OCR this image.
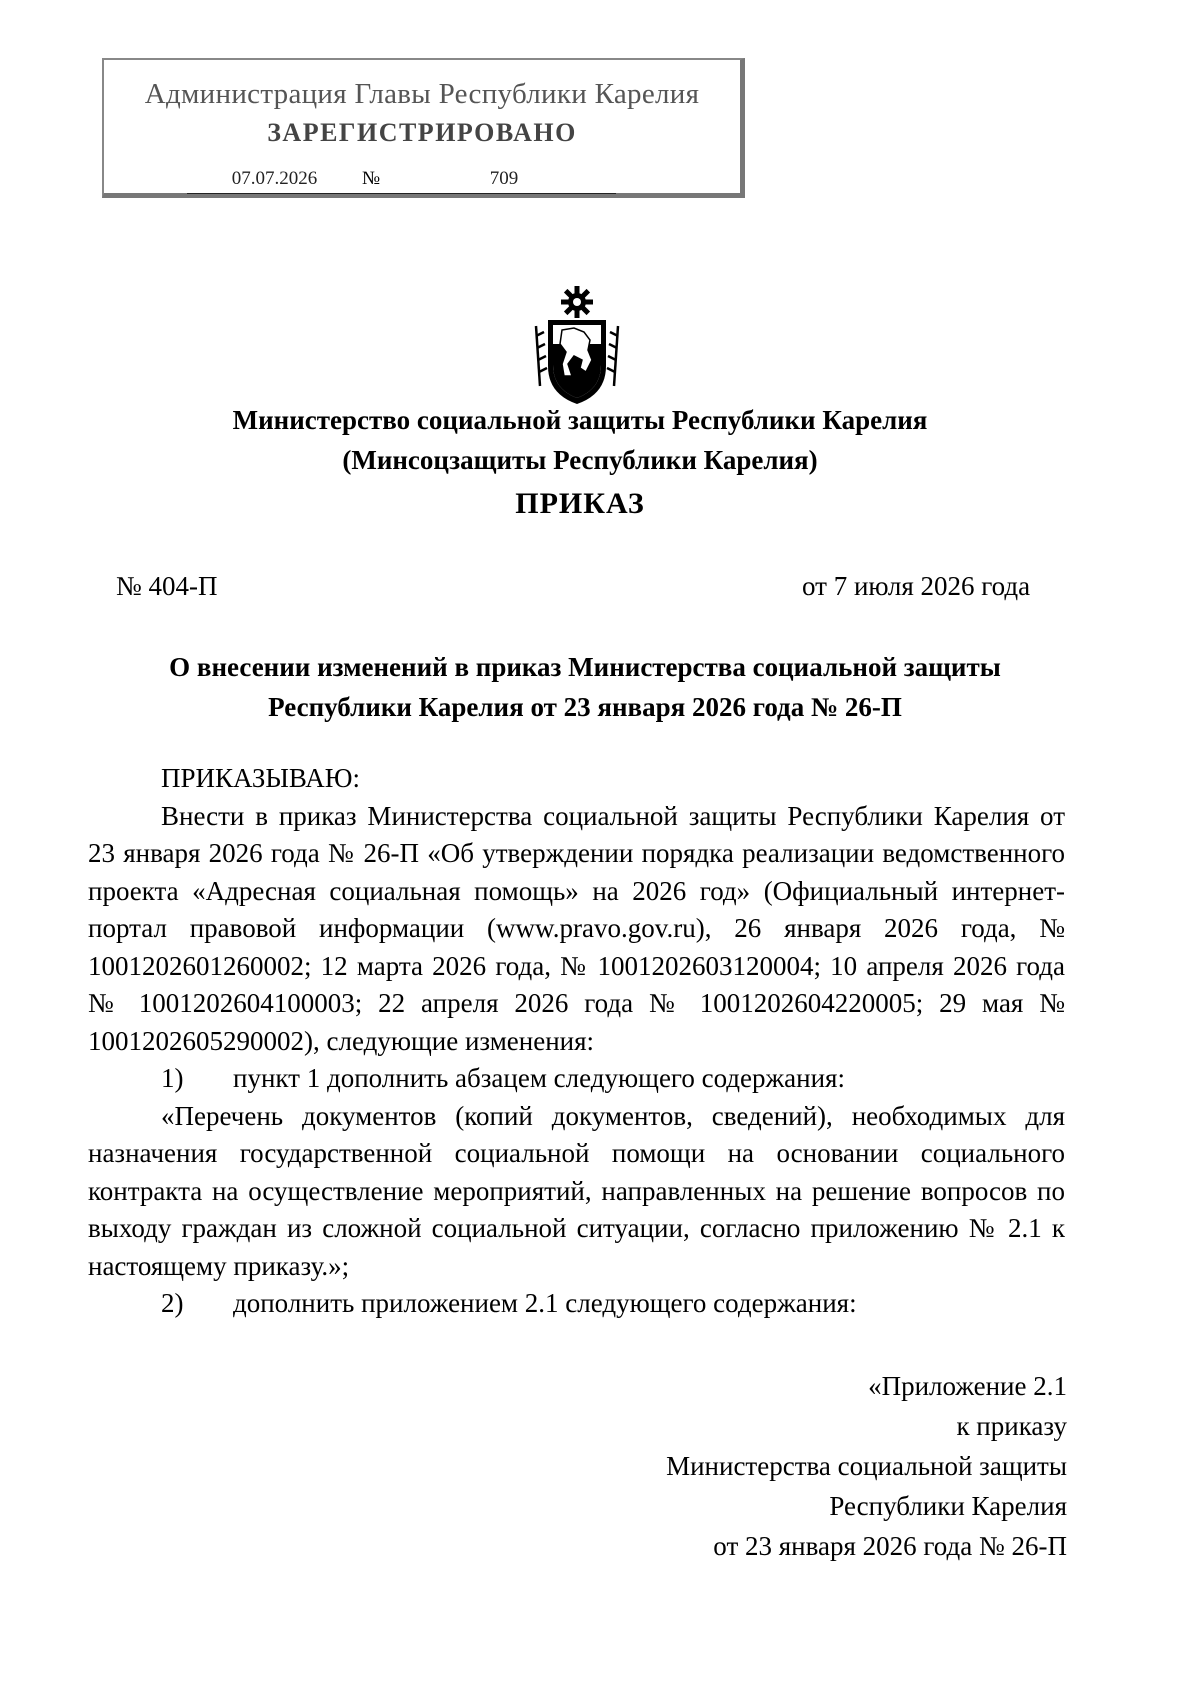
Администрация Главы Республики Карелия
ЗАРЕГИСТРИРОВАНО
07.07.2026	№	709
Министерство социальной защиты Республики Карелия
(Минсоцзащиты Республики Карелия)
ПРИКАЗ
№ 404-П	от 7 июля 2026 года
О внесении изменений в приказ Министерства социальной защиты
Республики Карелия от 23 января 2026 года № 26-П

ПРИКАЗЫВАЮ:

Внести в приказ Министерства социальной защиты Республики Карелия от 23 января 2026 года № 26-П «Об утверждении порядка реализации ведомственного проекта «Адресная социальная помощь» на 2026 год» (Официальный интернет-портал правовой информации (www.pravo.gov.ru), 26 января 2026 года, № 1001202601260002; 12 марта 2026 года, № 1001202603120004; 10 апреля 2026 года № 1001202604100003; 22 апреля 2026 года № 1001202604220005; 29 мая № 1001202605290002), следующие изменения:

1) пункт 1 дополнить абзацем следующего содержания:

«Перечень документов (копий документов, сведений), необходимых для назначения государственной социальной помощи на основании социального контракта на осуществление мероприятий, направленных на решение вопросов по выходу граждан из сложной социальной ситуации, согласно приложению № 2.1 к настоящему приказу.»;

2) дополнить приложением 2.1 следующего содержания:

«Приложение 2.1
к приказу
Министерства социальной защиты
Республики Карелия
от 23 января 2026 года № 26-П
